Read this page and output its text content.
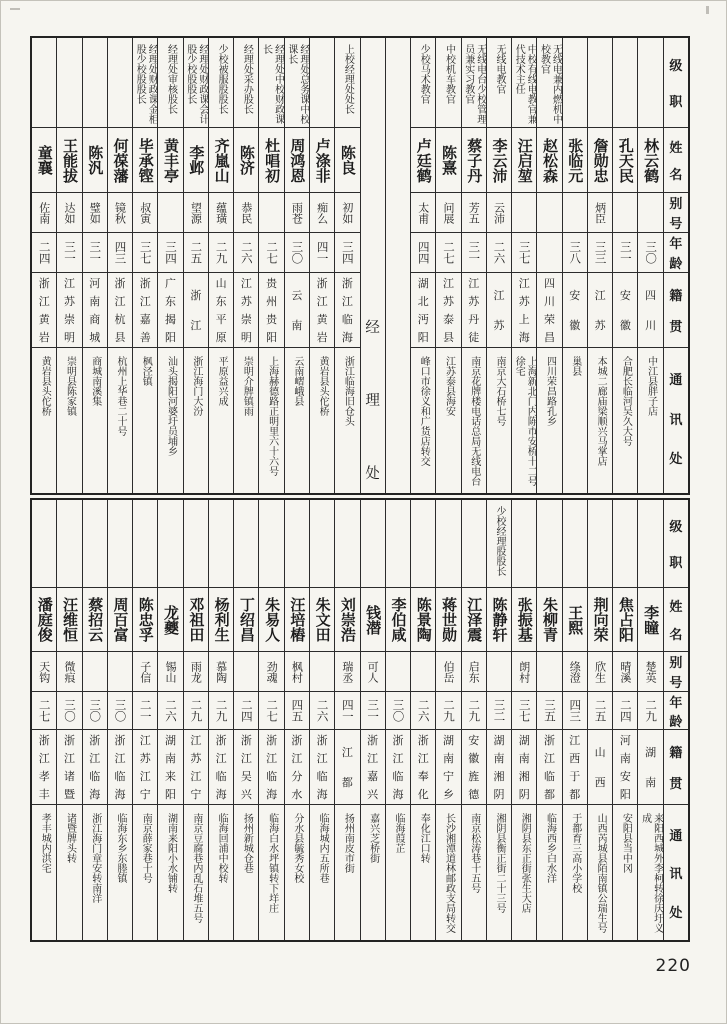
级
职
姓
名
别
号
年
龄
籍
贯
通
讯
处
林云鹤
三〇
四
川
中江县胖子店
孔天民
三一
安
徽
合肥长临河吴久大号
詹勋忠
炳臣
三三
江
苏
本城二廊庙梁顺兴马掌店
张临元
三八
安
徽
巢县
无线电兼内燃机中校教官
赵松森
四
川
荣
昌
四川荣昌路孔乡
中校有线电教官兼代技术主任
汪启堃
三七
江
苏
上
海
上海新北门内陈市安桥十二号徐宅
无线电教官
李云沛
云沛
二六
江
苏
南京大石桥七号
无线电台少校管理员兼实习教官
蔡子丹
芳五
三一
江
苏
丹
徒
南京花牌楼电话总局无线电台
中校机车教官
陈熹
问展
二七
江
苏
泰
县
江苏泰县海安
少校马术教官
卢廷鹤
太甫
四四
湖
北
沔
阳
峰口市徐义和广货店转交
经
理
处
上校经理处处长
陈良
初如
三四
浙
江
临
海
浙江临海旧仓头
卢涤非
痴么
四一
浙
江
黄
岩
黄岩县头佗桥
经理处总务课中校课长
周鸿恩
雨苍
三〇
云
南
云南嶍峨县
经理处中校财政课长
杜唱初
二七
贵
州
贵
阳
上海赫德路正明里六十六号
经理处采办股长
陈济
恭民
二六
江
苏
崇
明
崇明介牌镇雨
少校被服股股长
齐嵐山
蕴璜
二九
山
东
平
原
平原益兴成
经理处财政课会计股少校股股长
李邺
望源
二五
浙
江
浙江海门大汾
经理处审核股长
黄丰亭
三四
广
东
揭
阳
汕头揭阳河婆圩员埔乡
经理处财政课金柜股少校股股长
毕承铿
叔寅
三七
浙
江
嘉
善
枫泾镇
何葆藩
镜秋
四三
浙
江
杭
县
杭州上华巷二十号
陈汎
璧如
三一
河
南
商
城
商城南溪集
王能拔
达如
三一
江
苏
崇
明
崇明县陈家镇
童襄
佐南
二四
浙
江
黄
岩
黄岩县头佗桥
级
职
姓
名
别
号
年
龄
籍
贯
通
讯
处
李瞳
楚英
二九
湖
南
来阳西城外李柯转徐庆圩义成
焦占阳
晴溪
二四
河
南
安
阳
安阳县当中冈
荆向荣
欣生
二五
山
西
山西芮城县陌南镇公瑞生号
王熙
绦澄
四三
江
西
于
都
于都育三高小学校
朱柳青
三五
浙
江
临
都
临海西乡白水洋
张振基
朗村
三七
湖
南
湘
阴
湘阴县东正街张生大店
少校经理股股长
陈静轩
三二
湖
南
湘
阴
湘阴县衡正街二十三号
江泽震
启东
二九
安
徽
旌
德
南京松涛巷十五号
蒋世勋
伯岳
二九
湖
南
宁
乡
长沙湘潭道林邮政支局转交
陈景陶
二六
浙
江
奉
化
奉化江口转
李伯咸
三〇
浙
江
临
海
临海葭芷
钱潜
可人
三一
浙
江
嘉
兴
嘉兴芝桥街
刘崇浩
瑞丞
四一
江
都
扬州南皮市街
朱文田
二六
浙
江
临
海
临海城内五所巷
汪培樁
枫村
四五
浙
江
分
水
分水县毓秀女校
朱易人
劲魂
二七
浙
江
临
海
临海白水坪镇转下垟庄
丁绍昌
二四
浙
江
吴
兴
扬州新城仓巷
杨利生
慕陶
二九
浙
江
临
海
临海回浦中校转
邓祖田
雨龙
二九
江
苏
江
宁
南京豆腐巷内乱石堆五号
龙夔
锡山
二六
湖
南
来
阳
湖南来阳小水铺转
陈忠孚
子信
二一
江
苏
江
宁
南京薛家巷十号
周百富
三〇
浙
江
临
海
临海东乡东塍镇
蔡招云
三〇
浙
江
临
海
浙江海门章安转南洋
汪维恒
微痕
三〇
浙
江
诸
暨
诸暨牌头转
潘庭俊
天钩
二七
浙
江
孝
丰
孝丰城内洪宅
220
